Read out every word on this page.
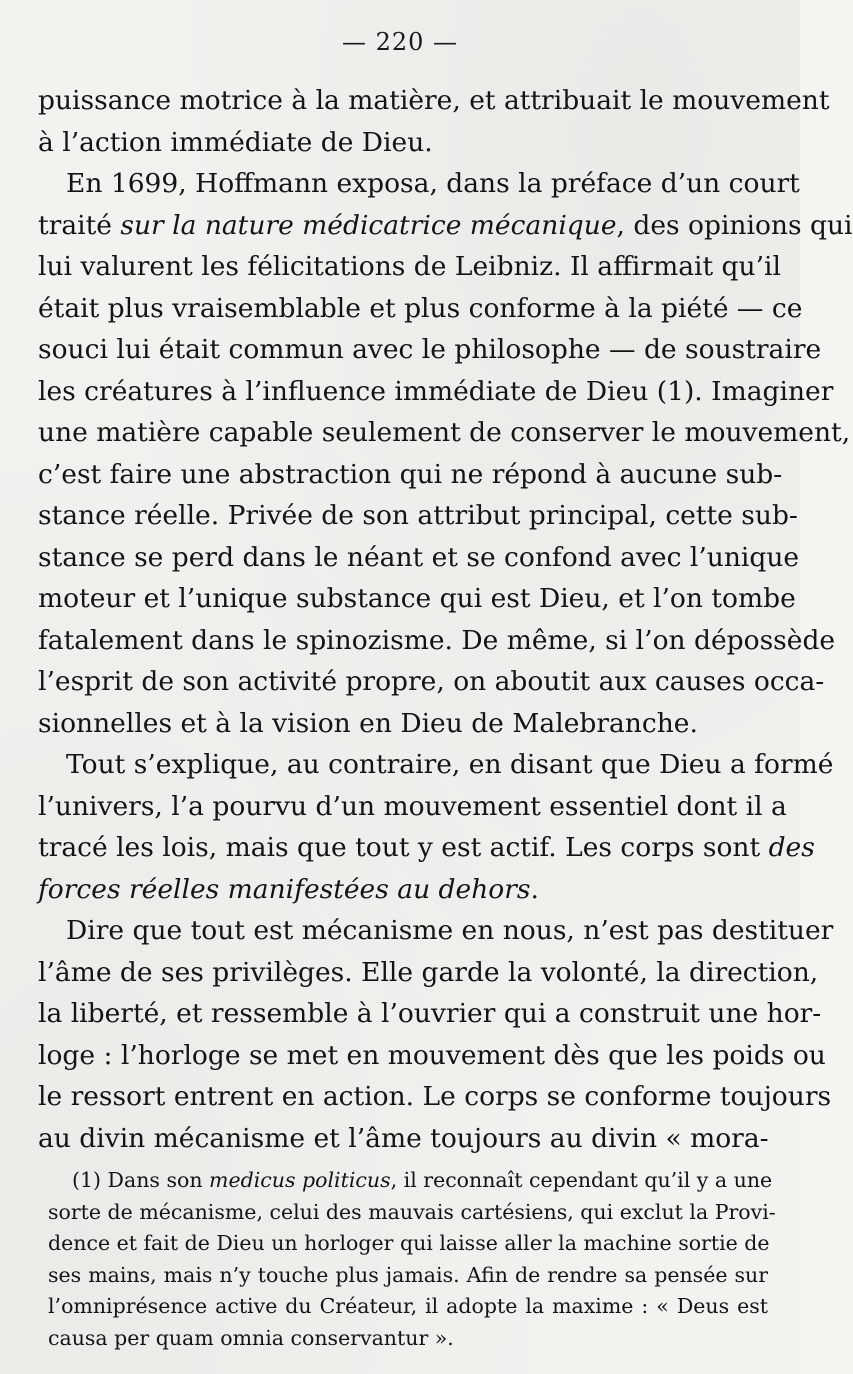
— 220 —
puissance motrice à la matière, et attribuait le mouvement
à l’action immédiate de Dieu.
En 1699, Hoffmann exposa, dans la préface d’un court
traité sur la nature médicatrice mécanique, des opinions qui
lui valurent les félicitations de Leibniz. Il affirmait qu’il
était plus vraisemblable et plus conforme à la piété — ce
souci lui était commun avec le philosophe — de soustraire
les créatures à l’influence immédiate de Dieu (1). Imaginer
une matière capable seulement de conserver le mouvement,
c’est faire une abstraction qui ne répond à aucune sub-
stance réelle. Privée de son attribut principal, cette sub-
stance se perd dans le néant et se confond avec l’unique
moteur et l’unique substance qui est Dieu, et l’on tombe
fatalement dans le spinozisme. De même, si l’on dépossède
l’esprit de son activité propre, on aboutit aux causes occa-
sionnelles et à la vision en Dieu de Malebranche.
Tout s’explique, au contraire, en disant que Dieu a formé
l’univers, l’a pourvu d’un mouvement essentiel dont il a
tracé les lois, mais que tout y est actif. Les corps sont des
forces réelles manifestées au dehors.
Dire que tout est mécanisme en nous, n’est pas destituer
l’âme de ses privilèges. Elle garde la volonté, la direction,
la liberté, et ressemble à l’ouvrier qui a construit une hor-
loge : l’horloge se met en mouvement dès que les poids ou
le ressort entrent en action. Le corps se conforme toujours
au divin mécanisme et l’âme toujours au divin « mora-
(1) Dans son medicus politicus, il reconnaît cependant qu’il y a une
sorte de mécanisme, celui des mauvais cartésiens, qui exclut la Provi-
dence et fait de Dieu un horloger qui laisse aller la machine sortie de
ses mains, mais n’y touche plus jamais. Afin de rendre sa pensée sur
l’omniprésence active du Créateur, il adopte la maxime : « Deus est
causa per quam omnia conservantur ».
